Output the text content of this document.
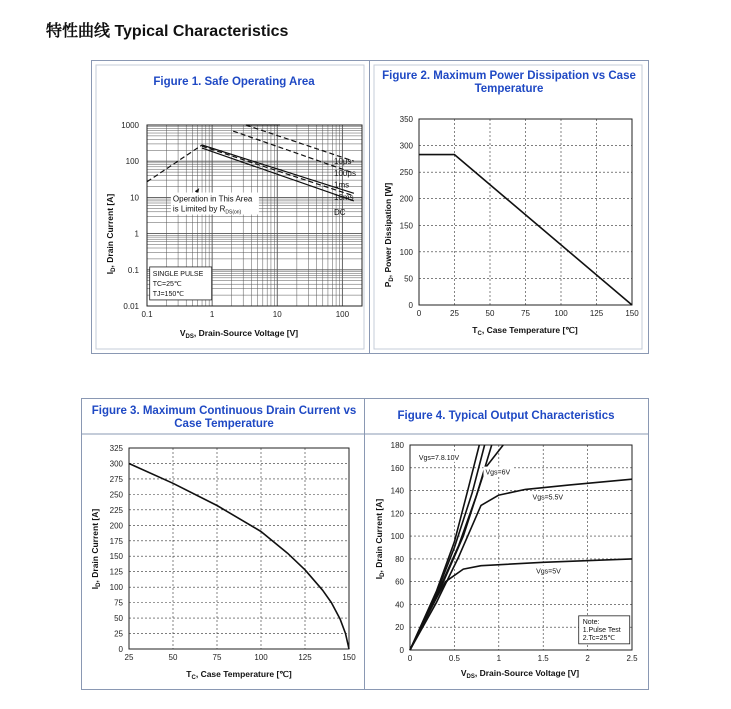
特性曲线 Typical Characteristics
Figure 1. Safe Operating Area
0.1	1	10	100
0.01
0.1
1
10
100
1000
10μs
100μs
1ms
10ms
DC
Operation in This Area
is Limited by $R_{DS(on)}$
SINGLE PULSE
TC=25℃
TJ=150℃
$I_D$, Drain Current [A]
$V_{DS}$, Drain-Source Voltage [V]
Figure 2. Maximum Power Dissipation vs Case
Temperature
0	25	50	75	100	125	150
0
50
100
150
200
250
300
350
$P_D$, Power Dissipation [W]
$T_C$, Case Temperature [℃]
Figure 3. Maximum Continuous Drain Current vs
Case Temperature
25	50	75	100	125	150
0
25
50
75
100
125
150
175
200
225
250
275
300
325
$I_D$, Drain Current [A]
$T_C$, Case Temperature [℃]
Figure 4. Typical Output Characteristics
0	0.5	1	1.5	2	2.5
0
20
40
60
80
100
120
140
160
180
Vgs=7.8.10V
Vgs=6V
Vgs=5.5V
Vgs=5V
Note:
1.Pulse Test
2.Tc=25℃
$I_D$, Drain Current [A]
$V_{DS}$, Drain-Source Voltage [V]
